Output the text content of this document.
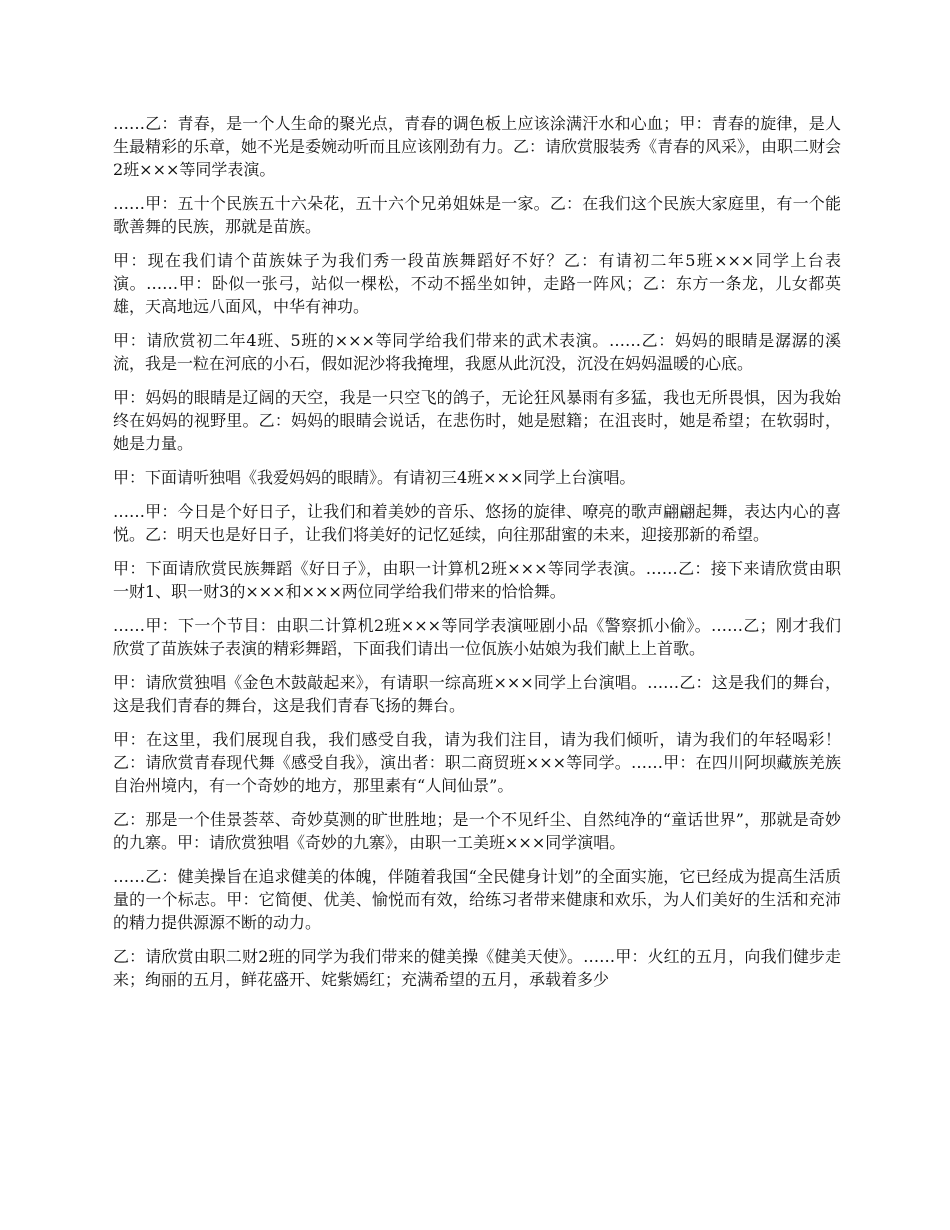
……乙：青春，是一个人生命的聚光点，青春的调色板上应该涂满汗水和心血；甲：青春的旋律，是人生最精彩的乐章，她不光是委婉动听而且应该刚劲有力。乙：请欣赏服装秀《青春的风采》，由职二财会2班×××等同学表演。

……甲：五十个民族五十六朵花，五十六个兄弟姐妹是一家。乙：在我们这个民族大家庭里，有一个能歌善舞的民族，那就是苗族。

甲：现在我们请个苗族妹子为我们秀一段苗族舞蹈好不好？乙：有请初二年5班×××同学上台表演。……甲：卧似一张弓，站似一棵松，不动不摇坐如钟，走路一阵风；乙：东方一条龙，儿女都英雄，天高地远八面风，中华有神功。

甲：请欣赏初二年4班、5班的×××等同学给我们带来的武术表演。……乙：妈妈的眼睛是潺潺的溪流，我是一粒在河底的小石，假如泥沙将我掩埋，我愿从此沉没，沉没在妈妈温暖的心底。

甲：妈妈的眼睛是辽阔的天空，我是一只空飞的鸽子，无论狂风暴雨有多猛，我也无所畏惧，因为我始终在妈妈的视野里。乙：妈妈的眼睛会说话，在悲伤时，她是慰籍；在沮丧时，她是希望；在软弱时，她是力量。

甲：下面请听独唱《我爱妈妈的眼睛》。有请初三4班×××同学上台演唱。

……甲：今日是个好日子，让我们和着美妙的音乐、悠扬的旋律、嘹亮的歌声翩翩起舞，表达内心的喜悦。乙：明天也是好日子，让我们将美好的记忆延续，向往那甜蜜的未来，迎接那新的希望。

甲：下面请欣赏民族舞蹈《好日子》，由职一计算机2班×××等同学表演。……乙：接下来请欣赏由职一财1、职一财3的×××和×××两位同学给我们带来的恰恰舞。

……甲：下一个节目：由职二计算机2班×××等同学表演哑剧小品《警察抓小偷》。……乙；刚才我们欣赏了苗族妹子表演的精彩舞蹈，下面我们请出一位佤族小姑娘为我们献上上首歌。

甲：请欣赏独唱《金色木鼓敲起来》，有请职一综高班×××同学上台演唱。……乙：这是我们的舞台，这是我们青春的舞台，这是我们青春飞扬的舞台。

甲：在这里，我们展现自我，我们感受自我，请为我们注目，请为我们倾听，请为我们的年轻喝彩！乙：请欣赏青春现代舞《感受自我》，演出者：职二商贸班×××等同学。……甲：在四川阿坝藏族羌族自治州境内，有一个奇妙的地方，那里素有“人间仙景”。

乙：那是一个佳景荟萃、奇妙莫测的旷世胜地；是一个不见纤尘、自然纯净的“童话世界”，那就是奇妙的九寨。甲：请欣赏独唱《奇妙的九寨》，由职一工美班×××同学演唱。

……乙：健美操旨在追求健美的体魄，伴随着我国“全民健身计划”的全面实施，它已经成为提高生活质量的一个标志。甲：它简便、优美、愉悦而有效，给练习者带来健康和欢乐，为人们美好的生活和充沛的精力提供源源不断的动力。

乙：请欣赏由职二财2班的同学为我们带来的健美操《健美天使》。……甲：火红的五月，向我们健步走来；绚丽的五月，鲜花盛开、姹紫嫣红；充满希望的五月，承载着多少
